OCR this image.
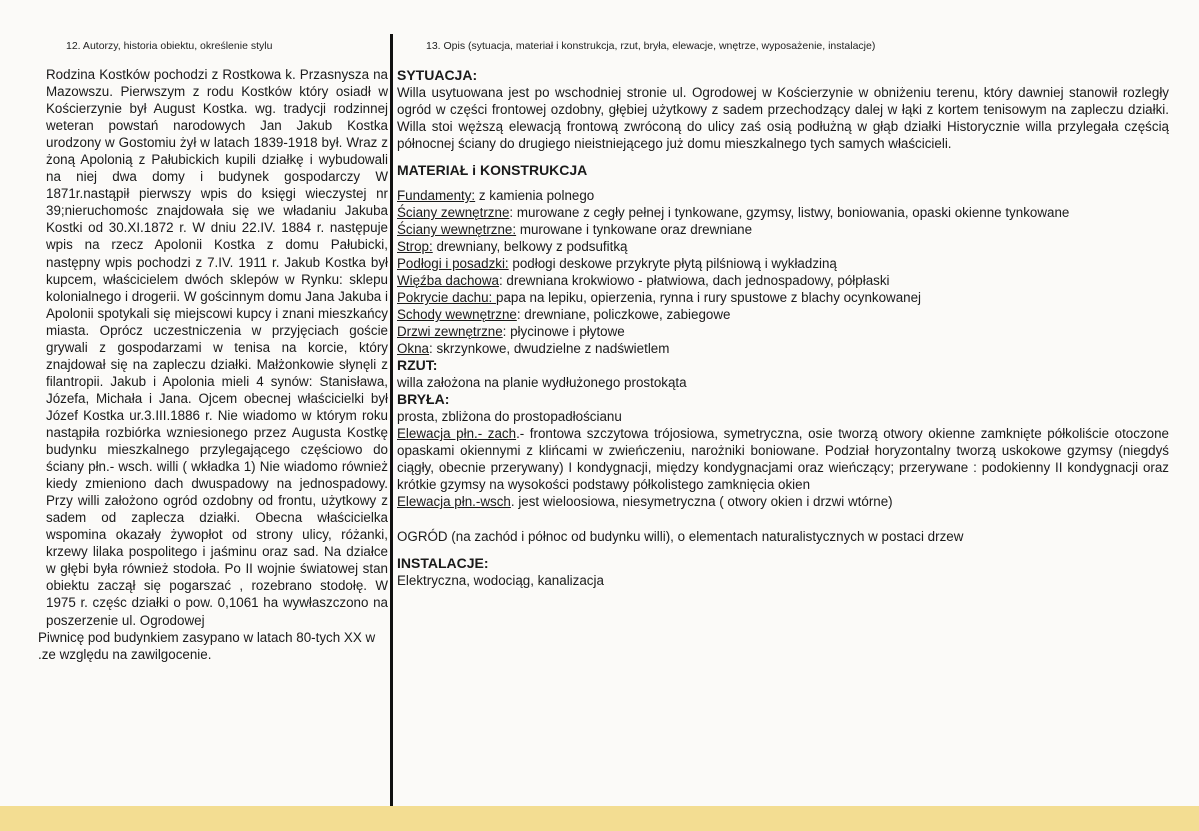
12. Autorzy, historia obiektu, określenie stylu	13. Opis (sytuacja, materiał i konstrukcja, rzut, bryła, elewacje, wnętrze, wyposażenie, instalacje)

Rodzina Kostków pochodzi z Rostkowa k. Przasnysza na Mazowszu. Pierwszym z rodu Kostków który osiadł w Kościerzynie był August Kostka. wg. tradycji rodzinnej weteran powstań narodowych Jan Jakub Kostka urodzony w Gostomiu żył w latach 1839-1918 był. Wraz z żoną Apolonią z Pałubickich kupili działkę i wybudowali na niej dwa domy i budynek gospodarczy W 1871r.nastąpił pierwszy wpis do księgi wieczystej nr 39;nieruchomośc znajdowała się we władaniu Jakuba Kostki od 30.XI.1872 r. W dniu 22.IV. 1884 r. następuje wpis na rzecz Apolonii Kostka z domu Pałubicki, następny wpis pochodzi z 7.IV. 1911 r. Jakub Kostka był kupcem, właścicielem dwóch sklepów w Rynku: sklepu kolonialnego i drogerii. W gościnnym domu Jana Jakuba i Apolonii spotykali się miejscowi kupcy i znani mieszkańcy miasta. Oprócz uczestniczenia w przyjęciach goście grywali z gospodarzami w tenisa na korcie, który znajdował się na zapleczu działki. Małżonkowie słynęli z filantropii. Jakub i Apolonia mieli 4 synów: Stanisława, Józefa, Michała i Jana. Ojcem obecnej właścicielki był Józef Kostka ur.3.III.1886 r. Nie wiadomo w którym roku nastąpiła rozbiórka wzniesionego przez Augusta Kostkę budynku mieszkalnego przylegającego częściowo do ściany płn.- wsch. willi ( wkładka 1) Nie wiadomo również kiedy zmieniono dach dwuspadowy na jednospadowy. Przy willi założono ogród ozdobny od frontu, użytkowy z sadem od zaplecza działki. Obecna właścicielka wspomina okazały żywopłot od strony ulicy, różanki, krzewy lilaka pospolitego i jaśminu oraz sad. Na działce w głębi była również stodoła. Po II wojnie światowej stan obiektu zaczął się pogarszać , rozebrano stodołę. W 1975 r. częśc działki o pow. 0,1061 ha wywłaszczono na poszerzenie ul. Ogrodowej

Piwnicę pod budynkiem zasypano w latach 80-tych XX w .ze względu na zawilgocenie.

SYTUACJA:

Willa usytuowana jest po wschodniej stronie ul. Ogrodowej w Kościerzynie w obniżeniu terenu, który dawniej stanowił rozległy ogród w części frontowej ozdobny, głębiej użytkowy z sadem przechodzący dalej w łąki z kortem tenisowym na zapleczu działki. Willa stoi węższą elewacją frontową zwróconą do ulicy zaś osią podłużną w głąb działki Historycznie willa przylegała częścią północnej ściany do drugiego nieistniejącego już domu mieszkalnego tych samych właścicieli.

MATERIAŁ i KONSTRUKCJA

Fundamenty: z kamienia polnego

Ściany zewnętrzne: murowane z cegły pełnej i tynkowane, gzymsy, listwy, boniowania, opaski okienne tynkowane

Ściany wewnętrzne: murowane i tynkowane oraz drewniane

Strop: drewniany, belkowy z podsufitką

Podłogi i posadzki: podłogi deskowe przykryte płytą pilśniową i wykładziną

Więźba dachowa: drewniana krokwiowo - płatwiowa, dach jednospadowy, półpłaski

Pokrycie dachu: papa na lepiku, opierzenia, rynna i rury spustowe z blachy ocynkowanej

Schody wewnętrzne: drewniane, policzkowe, zabiegowe

Drzwi zewnętrzne: płycinowe i płytowe

Okna: skrzynkowe, dwudzielne z nadświetlem

RZUT:

willa założona na planie wydłużonego prostokąta

BRYŁA:

prosta, zbliżona do prostopadłościanu

Elewacja płn.- zach.- frontowa szczytowa trójosiowa, symetryczna, osie tworzą otwory okienne zamknięte półkoliście otoczone opaskami okiennymi z klińcami w zwieńczeniu, narożniki boniowane. Podział horyzontalny tworzą uskokowe gzymsy (niegdyś ciągły, obecnie przerywany) I kondygnacji, między kondygnacjami oraz wieńczący; przerywane : podokienny II kondygnacji oraz krótkie gzymsy na wysokości podstawy półkolistego zamknięcia okien

Elewacja płn.-wsch. jest wieloosiowa, niesymetryczna ( otwory okien i drzwi wtórne)

OGRÓD (na zachód i północ od budynku willi), o elementach naturalistycznych w postaci drzew

INSTALACJE:

Elektryczna, wodociąg, kanalizacja
